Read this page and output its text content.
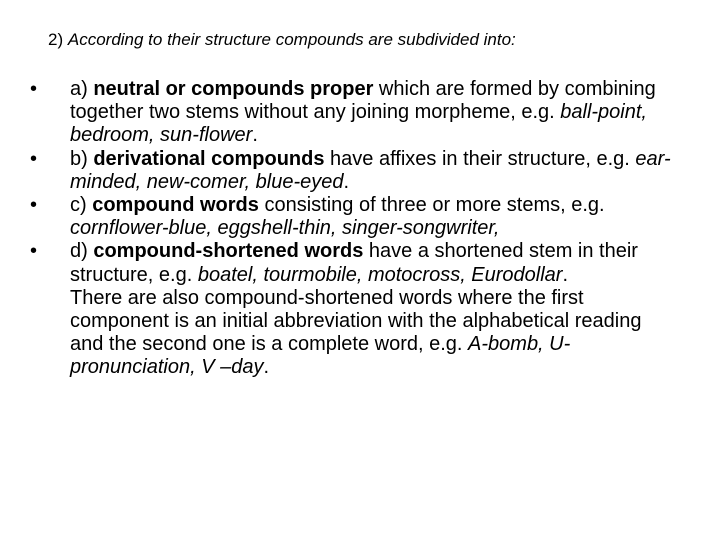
2) According to their structure compounds are subdivided into:
•	a) neutral or compounds proper which are formed by combining together two stems without any joining morpheme, e.g. ball-point, bedroom, sun-flower.
•	b) derivational compounds have affixes in their structure, e.g. ear-minded, new-comer, blue-eyed.
•	c) compound words consisting of three or more stems, e.g. cornflower-blue, eggshell-thin, singer-songwriter,
•	d) compound-shortened words have a shortened stem in their structure, e.g. boatel, tourmobile, motocross, Eurodollar.
There are also compound-shortened words where the first component is an initial abbreviation with the alphabetical reading and the second one is a complete word, e.g. A-bomb, U-pronunciation, V –day.
